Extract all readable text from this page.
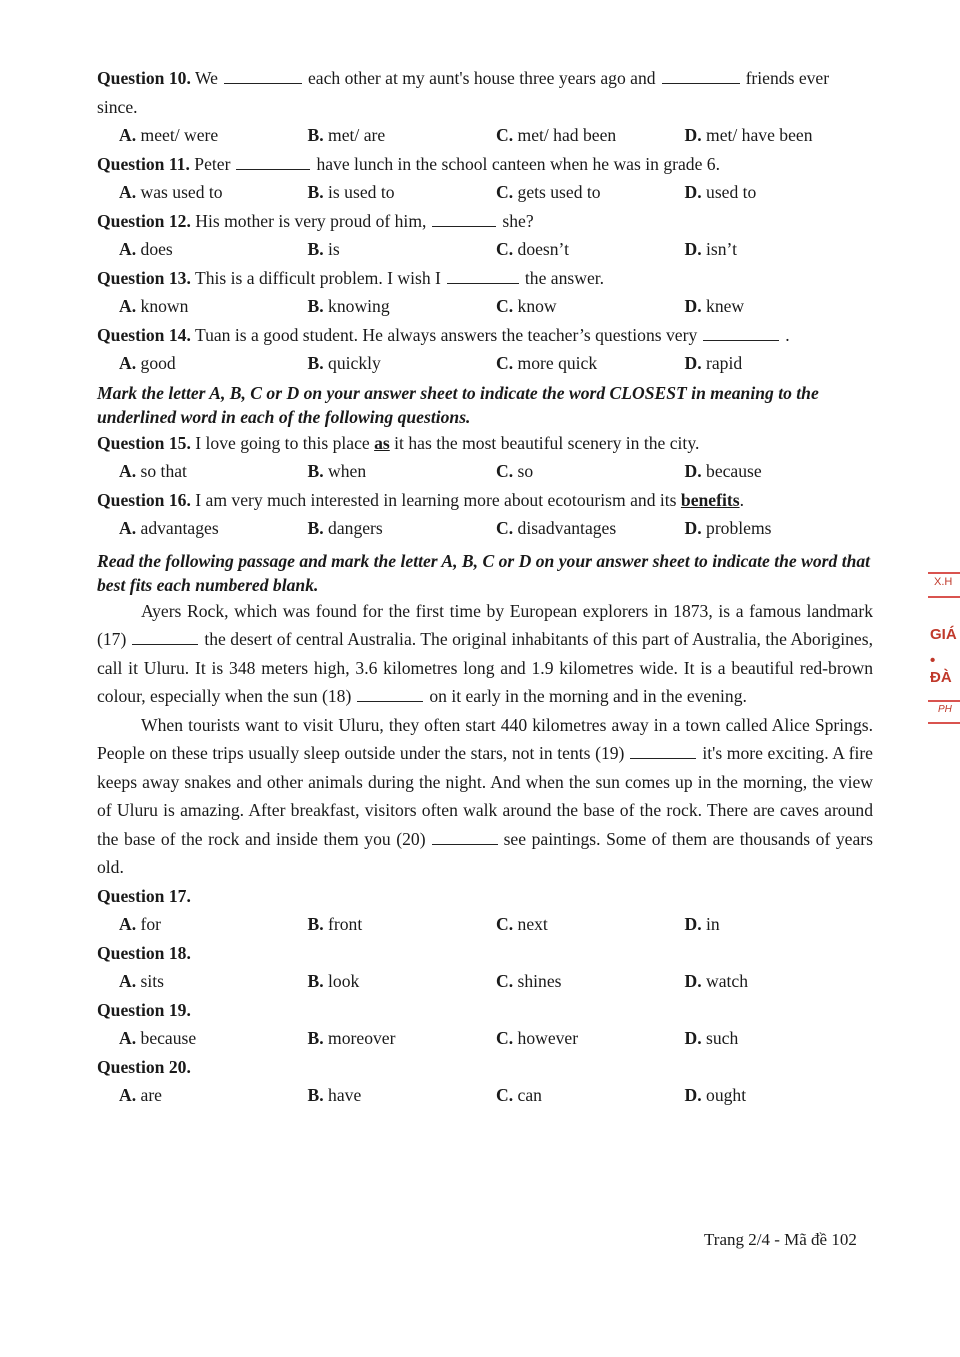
Question 10. We	each other at my aunt's house three years ago and	friends ever since.
A. meet/ were	B. met/ are	C. met/ had been	D. met/ have been
Question 11. Peter	have lunch in the school canteen when he was in grade 6.
A. was used to	B. is used to	C. gets used to	D. used to
Question 12. His mother is very proud of him,	she?
A. does	B. is	C. doesn’t	D. isn’t
Question 13. This is a difficult problem. I wish I	the answer.
A. known	B. knowing	C. know	D. knew
Question 14. Tuan is a good student. He always answers the teacher’s questions very	.
A. good	B. quickly	C. more quick	D. rapid
Mark the letter A, B, C or D on your answer sheet to indicate the word CLOSEST in meaning to the underlined word in each of the following questions.
Question 15. I love going to this place as it has the most beautiful scenery in the city.
A. so that	B. when	C. so	D. because
Question 16. I am very much interested in learning more about ecotourism and its benefits.
A. advantages	B. dangers	C. disadvantages	D. problems
Read the following passage and mark the letter A, B, C or D on your answer sheet to indicate the word that best fits each numbered blank.
Ayers Rock, which was found for the first time by European explorers in 1873, is a famous landmark (17)	the desert of central Australia. The original inhabitants of this part of Australia, the Aborigines, call it Uluru. It is 348 meters high, 3.6 kilometres long and 1.9 kilometres wide. It is a beautiful red-brown colour, especially when the sun (18)	on it early in the morning and in the evening.
When tourists want to visit Uluru, they often start 440 kilometres away in a town called Alice Springs. People on these trips usually sleep outside under the stars, not in tents (19)	it's more exciting. A fire keeps away snakes and other animals during the night. And when the sun comes up in the morning, the view of Uluru is amazing. After breakfast, visitors often walk around the base of the rock. There are caves around the base of the rock and inside them you (20)	see paintings. Some of them are thousands of years old.
Question 17.
A. for	B. front	C. next	D. in
Question 18.
A. sits	B. look	C. shines	D. watch
Question 19.
A. because	B. moreover	C. however	D. such
Question 20.
A. are	B. have	C. can	D. ought
X.H
GIÁ
• ĐÀ
PH
Trang 2/4 - Mã đề 102
